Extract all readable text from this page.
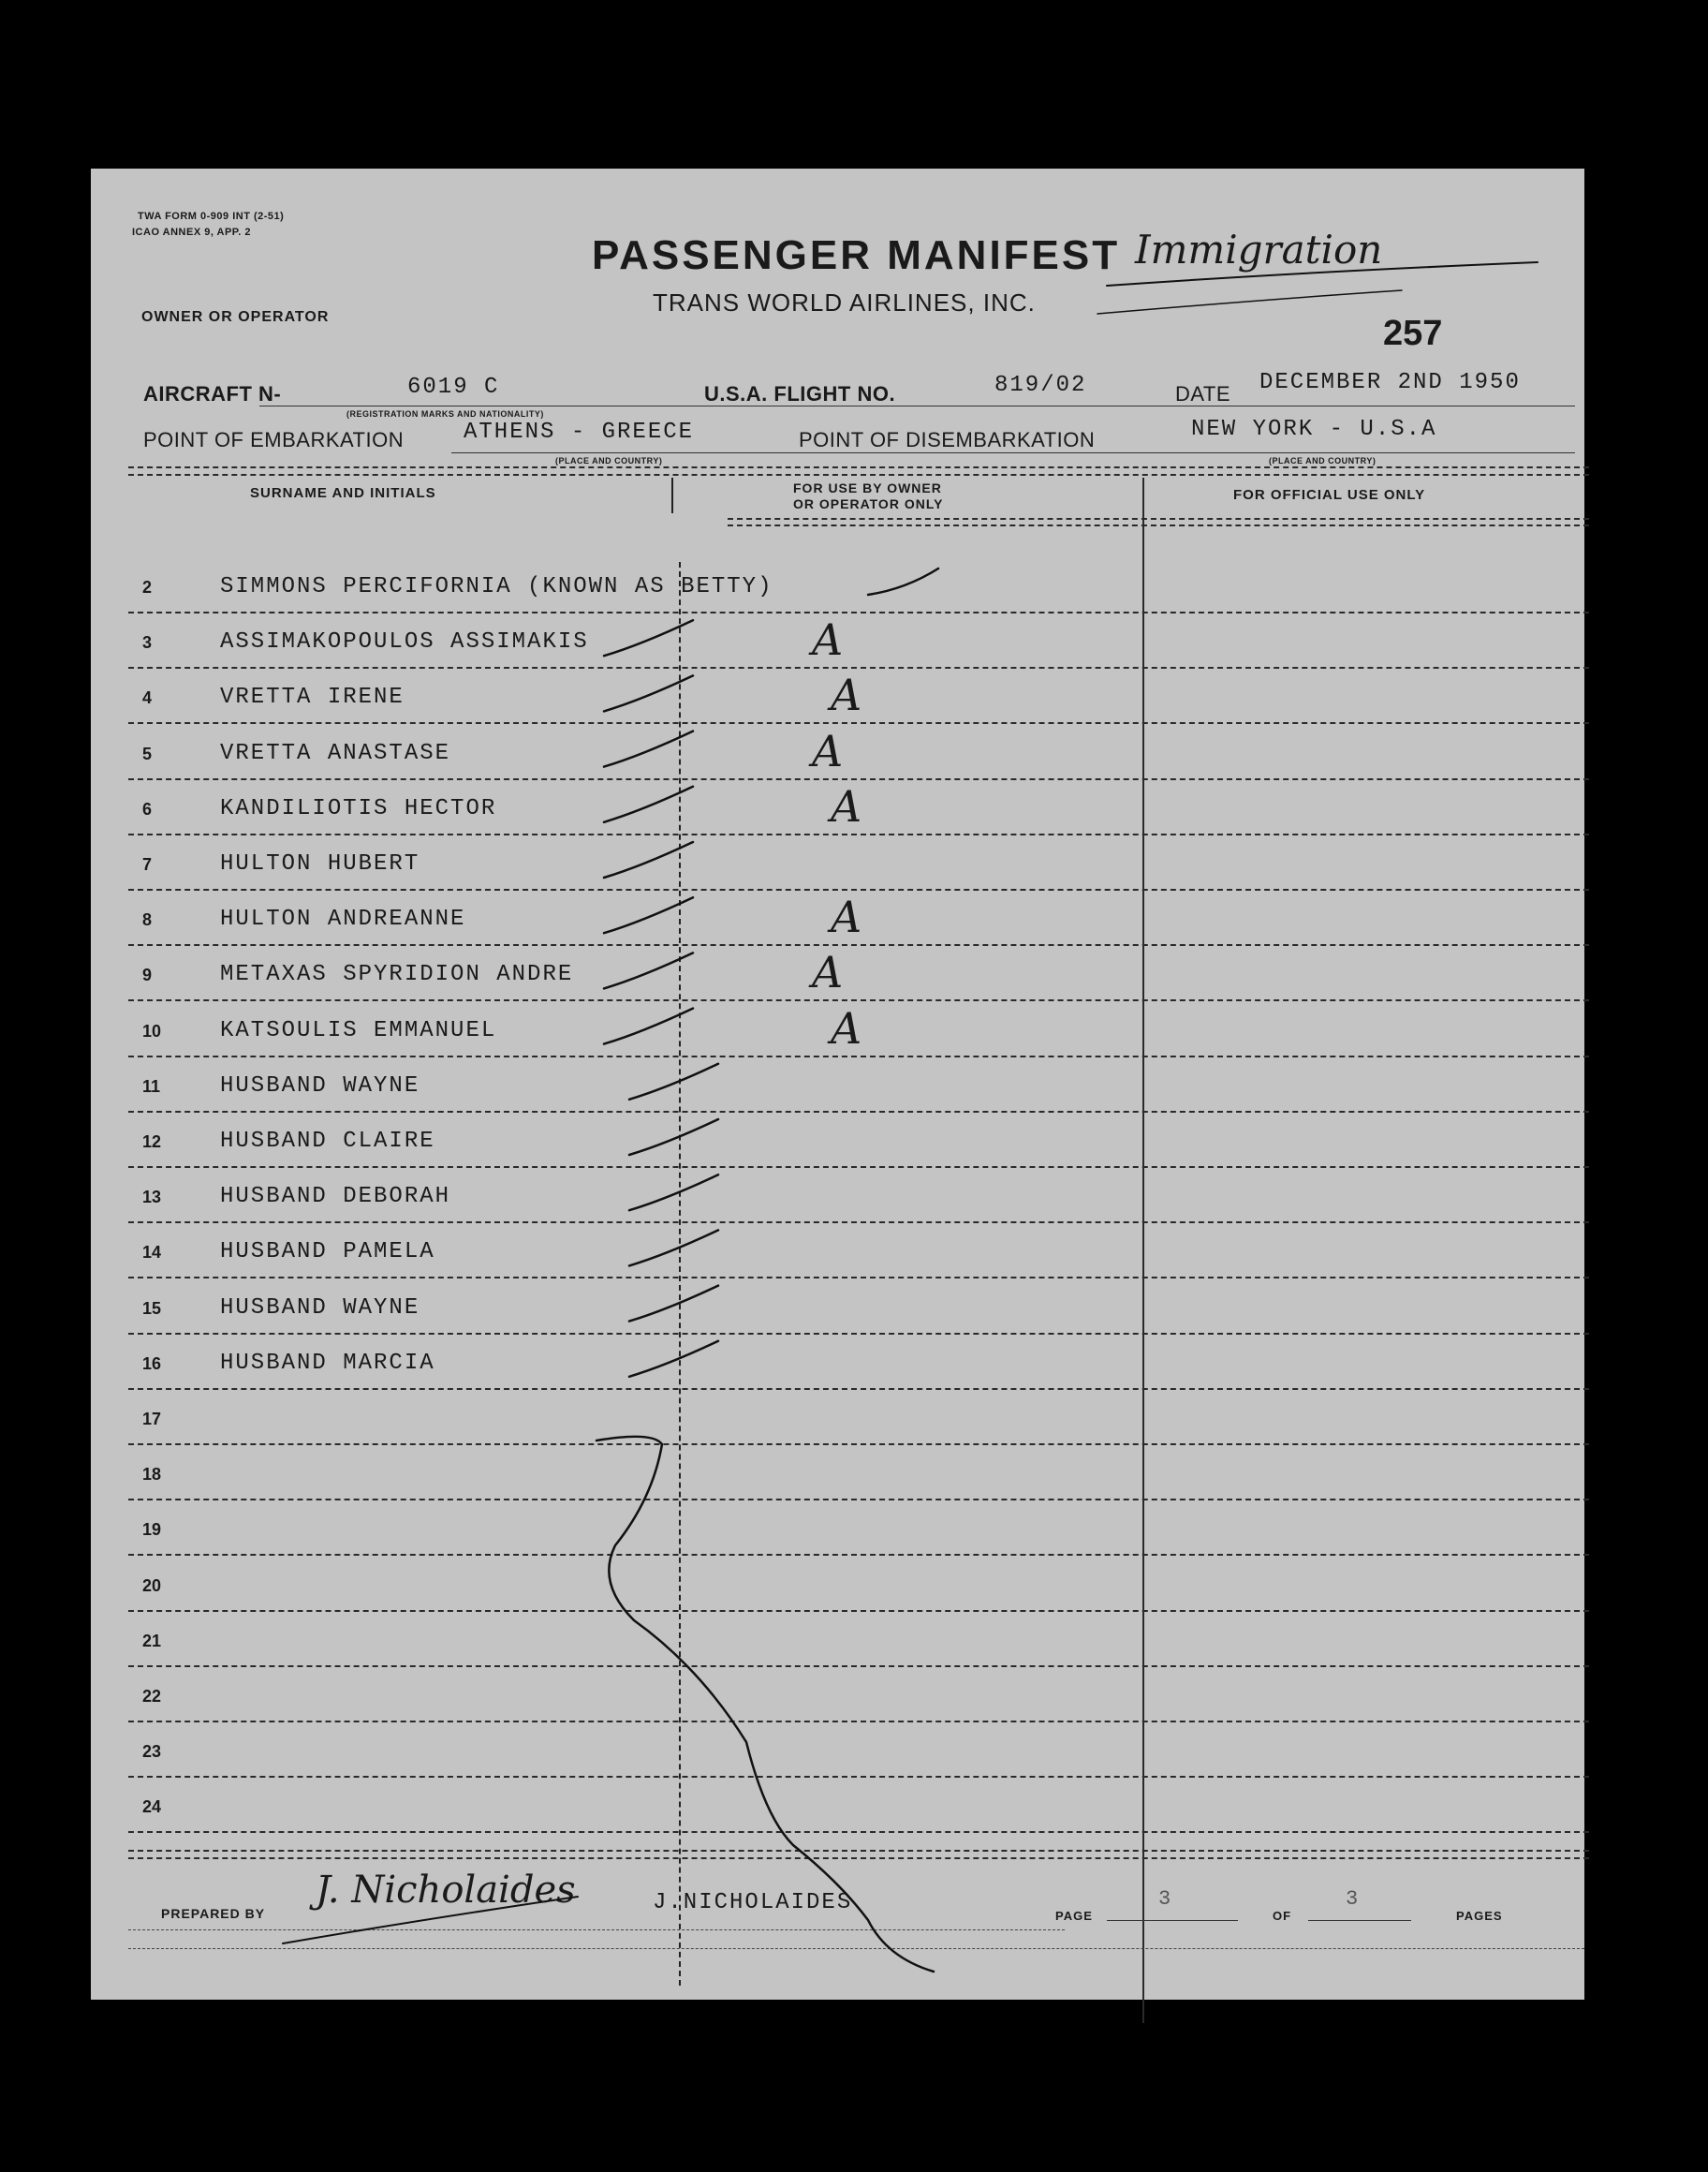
TWA FORM 0-909 INT (2-51)
ICAO ANNEX 9, APP. 2
OWNER OR OPERATOR
PASSENGER MANIFEST Immigration
TRANS WORLD AIRLINES, INC.
257
AIRCRAFT N-	6019 C
(REGISTRATION MARKS AND NATIONALITY)
U.S.A. FLIGHT NO.	819/02	DATE DECEMBER 2ND 1950
POINT OF EMBARKATION	ATHENS - GREECE
(PLACE AND COUNTRY)
POINT OF DISEMBARKATION	NEW YORK - U.S.A
(PLACE AND COUNTRY)
SURNAME AND INITIALS	FOR USE BY OWNER
OR OPERATOR ONLY
FOR OFFICIAL USE ONLY
2	SIMMONS PERCIFORNIA (KNOWN AS BETTY)
3	ASSIMAKOPOULOS ASSIMAKIS	A
4	VRETTA IRENE	A
5	VRETTA ANASTASE	A
6	KANDILIOTIS HECTOR	A
7	HULTON HUBERT
8	HULTON ANDREANNE	A
9	METAXAS SPYRIDION ANDRE	A
10	KATSOULIS EMMANUEL	A
11	HUSBAND WAYNE
12	HUSBAND CLAIRE
13	HUSBAND DEBORAH
14	HUSBAND PAMELA
15	HUSBAND WAYNE
16	HUSBAND MARCIA
17
18
19
20
21
22
23
24
PREPARED BY
J. Nicholaides	J.NICHOLAIDES
PAGE
3
OF
3
PAGES
